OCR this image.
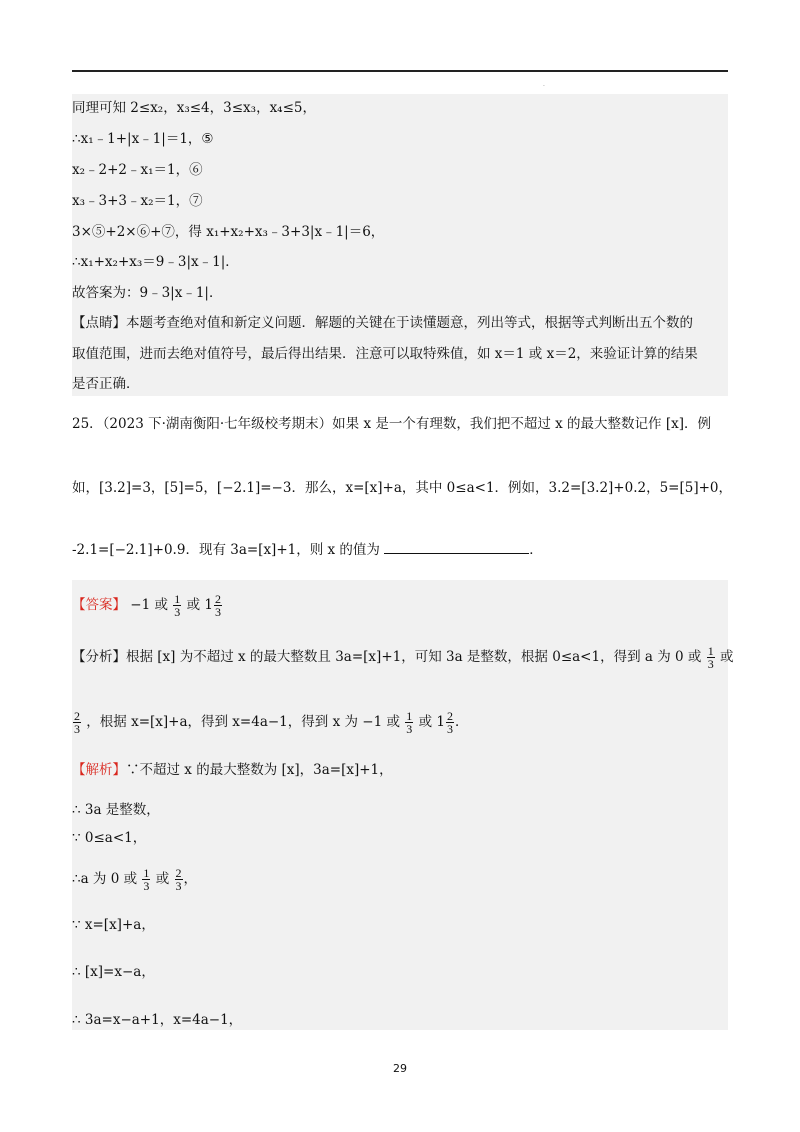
·
同理可知 2≤x₂，x₃≤4，3≤x₃，x₄≤5，
∴x₁﹣1+|x﹣1|＝1，⑤
x₂﹣2+2﹣x₁＝1，⑥
x₃﹣3+3﹣x₂＝1，⑦
3×⑤+2×⑥+⑦，得 x₁+x₂+x₃﹣3+3|x﹣1|＝6，
∴x₁+x₂+x₃＝9﹣3|x﹣1|．
故答案为：9﹣3|x﹣1|．
【点睛】本题考查绝对值和新定义问题．解题的关键在于读懂题意，列出等式，根据等式判断出五个数的
取值范围，进而去绝对值符号，最后得出结果．注意可以取特殊值，如 x＝1 或 x＝2，来验证计算的结果
是否正确．
25．（2023 下·湖南衡阳·七年级校考期末）如果 x 是一个有理数，我们把不超过 x 的最大整数记作 [x]．例
如，[3.2]=3，[5]=5，[−2.1]=−3．那么，x=[x]+a，其中 0≤a<1．例如，3.2=[3.2]+0.2，5=[5]+0，
-2.1=[−2.1]+0.9．现有 3a=[x]+1，则 x 的值为	．
【答案】 −1 或 $\frac{1}{3}$ 或 $1 \frac{2}{3}$
【分析】根据 [x] 为不超过 x 的最大整数且 3a=[x]+1，可知 3a 是整数，根据 0≤a<1，得到 a 为 0 或 $\frac{1}{3}$ 或
$\frac{2}{3}$ ，根据 x=[x]+a，得到 x=4a−1，得到 x 为 −1 或 $\frac{1}{3}$ 或 $1 \frac{2}{3}$ ．
【解析】∵不超过 x 的最大整数为 [x]，3a=[x]+1，
∴ 3a 是整数，
∵ 0≤a<1，
∴a 为 0 或 $\frac{1}{3}$ 或 $\frac{2}{3}$ ，
∵ x=[x]+a，
∴ [x]=x−a，
∴ 3a=x−a+1，x=4a−1，
29
